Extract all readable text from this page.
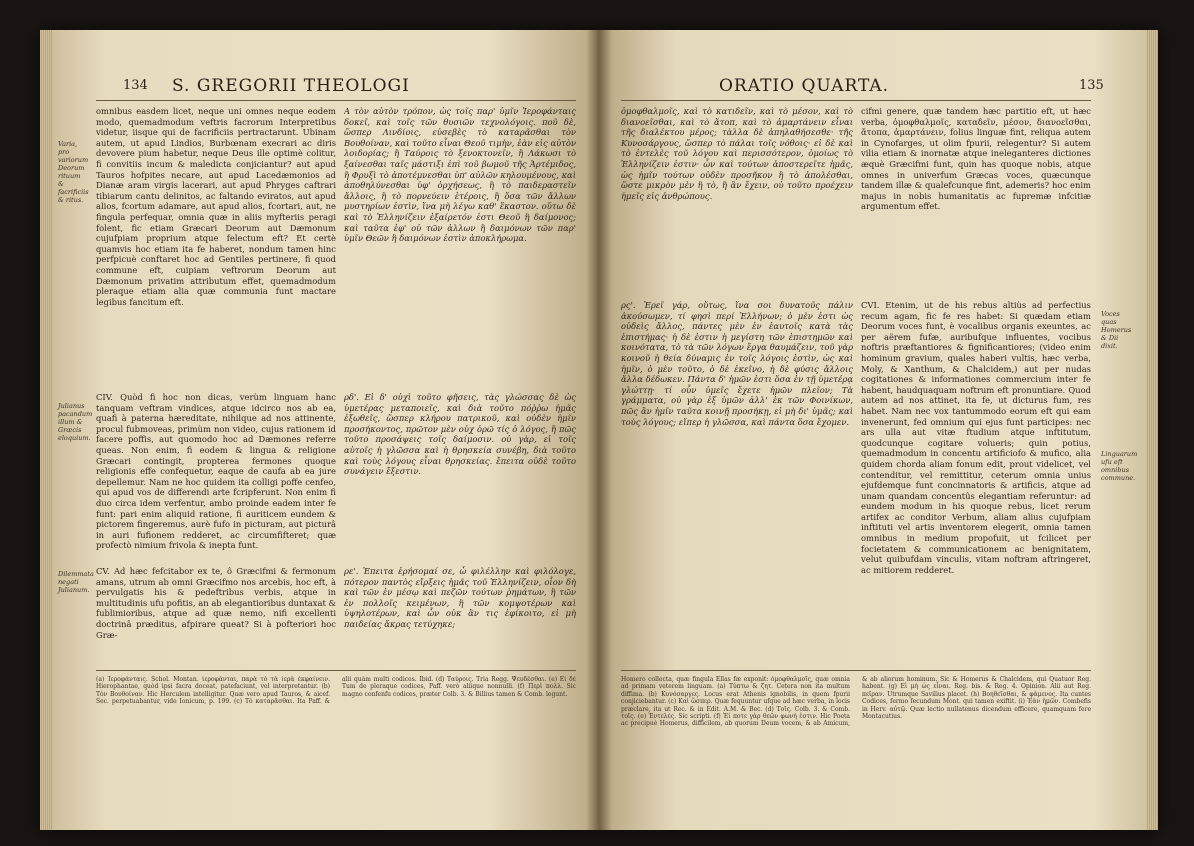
134 S. GREGORII THEOLOGI
Varia, pro variorum Deorum rituum & facrificiis & ritus.
Julianus pacandum illum & Græcis eloquium.
Dilemmata negati Julianum.
omnibus easdem licet, neque uni omnes neque eodem modo, quemadmodum veftris facrorum Interpretibus videtur, iisque qui de facrificiis pertractarunt. Ubinam autem, ut apud Lindios, Burbœnam execrari ac diris devovere pium habetur, neque Deus ille optimè colitur, fi convitiis incum & maledicta conjiciantur? aut apud Tauros hofpites necare, aut apud Lacedæmonios ad Dianæ aram virgis lacerari, aut apud Phryges caftrari tibiarum cantu delinitos, ac faltando eviratos, aut apud alios, fcortum adamare, aut apud alios, fcortari, aut, ne fingula perfequar, omnia quæ in aliis myfteriis peragi folent, fic etiam Græcari Deorum aut Dæmonum cujufpiam proprium atque felectum eft? Et certè quamvis hoc etiam ita fe haberet, nondum tamen hinc perfpicuè conftaret hoc ad Gentiles pertinere, fi quod commune eft, cuipiam veftrorum Deorum aut Dæmonum privatim attributum effet, quemadmodum pleraque etiam alia quæ communia funt mactare legibus fancitum eft.
CIV. Quòd fi hoc non dicas, verùm linguam hanc tanquam veftram vindices, atque idcirco nos ab ea, quafi à paterna hæreditate, nihilque ad nos attinente, procul fubmoveas, primùm non video, cujus rationem id facere poffis, aut quomodo hoc ad Dæmones referre queas. Non enim, fi eodem & lingua & religione Græcari contingit, propterea fermones quoque religionis effe confequetur, eaque de caufa ab ea jure depellemur. Nam ne hoc quidem ita colligi poffe cenfeo, qui apud vos de differendi arte fcripferunt. Non enim fi duo circa idem verfentur, ambo proinde eadem inter fe funt: pari enim aliquid ratione, fi auriticem eundem & pictorem fingeremus, aurè fufo in picturam, aut picturâ in auri fufionem redderet, ac circumfifteret; quæ profectò nimium frivola & inepta funt.
CV. Ad hæc fefcitabor ex te, ô Græcifmi & fermonum amans, utrum ab omni Græcifmo nos arcebis, hoc eft, à pervulgatis his & pedeftribus verbis, atque in multitudinis ufu pofitis, an ab elegantioribus duntaxat & fublimioribus, atque ad quæ nemo, nifi excellenti doctrinâ præditus, afpirare queat? Si à pofteriori hoc Græ-
Α τὸν αὐτὸν τρόπον, ὡς τοῖς παρ' ὑμῖν Ἱεροφάνταις δοκεῖ, καὶ τοῖς τῶν θυσιῶν τεχνολόγοις. ποῦ δὲ, ὥσπερ Λινδίοις, εὐσεβὲς τὸ καταρᾶσθαι τὸν Βουθοίναν, καὶ τοῦτο εἶναι Θεοῦ τιμὴν, ἐὰν εἰς αὐτὸν λοιδορίας; ἢ Ταύροις τὸ ξενοκτονεῖν, ἢ Λάκωσι τὸ ξαίνεσθαι ταῖς μάστιξι ἐπὶ τοῦ βωμοῦ τῆς Ἀρτέμιδος, ἢ Φρυξὶ τὸ ἀποτέμνεσθαι ὑπ' αὐλῶν κηλουμένους, καὶ ἀποθηλύνεσθαι ὑφ' ὀρχήσεως, ἢ τὸ παιδεραστεῖν ἄλλοις, ἢ τὸ πορνεύειν ἑτέροις, ἢ ὅσα τῶν ἄλλων μυστηρίων ἐστὶν, ἵνα μὴ λέγω καθ' ἕκαστον. οὕτω δὲ καὶ τὸ Ἑλληνίζειν ἐξαίρετόν ἐστι Θεοῦ ἢ δαίμονος; καὶ ταῦτα ἐφ' οὐ τῶν ἀλλων ἢ δαιμόνων τῶν παρ' ὑμῖν Θεῶν ἢ δαιμόνων ἐστὶν ἀποκλήρωμα.
ρδ'. Εἰ δ' οὐχὶ τοῦτο φῆσεις, τὰς γλώσσας δὲ ὡς ὑμετέρας μεταποιεῖς, καὶ διὰ τοῦτο πόῤῥω ἡμᾶς ἐξωθεῖς, ὥσπερ κλήρου πατρικοῦ, καὶ οὐδὲν ἡμῖν προσήκοντος, πρῶτον μὲν οὐχ ὁρῶ τίς ὁ λόγος, ἢ πῶς τοῦτο προσάψεις τοῖς δαίμοσιν. οὐ γὰρ, εἰ τοῖς αὐτοῖς ἡ γλῶσσα καὶ ἡ θρησκεία συνέβη, διὰ τοῦτο καὶ τοὺς λόγους εἶναι θρησκείας. ἔπειτα οὐδὲ τοῦτο συνάγειν ἔξεστιν.
ρε'. Ἐπειτα ἐρήσομαί σε, ὦ φιλέλλην καὶ φιλόλογε, πότερον παντὸς εἴρξεις ἡμᾶς τοῦ Ἑλληνίζειν, οἷον δὴ καὶ τῶν ἐν μέσῳ καὶ πεζῶν τούτων ῥημάτων, ἢ τῶν ἐν πολλοῖς κειμένων, ἢ τῶν κομψοτέρων καὶ ὑψηλοτέρων, καὶ ὧν οὐκ ἂν τις ἐφίκοιτο, εἰ μὴ παιδείας ἄκρας τετύχηκε;
(a) Ἱεροφάνταις. Schol. Montan. ἱεροφάνται, παρὰ τὸ τὰ ἱερὰ ἐκφαίνειν. Hierophantae, quòd ipsi facra doceat, patefaciunt, vel interpretantur. (b) Τὸν Βουθοίναν. Hic Herculem intelligitur. Quæ vero apud Tauros, & aicef. Sec. perpetuabantur, vide Ionicum, p. 199. (c) Τὸ καταρᾶσθαι. Ita Paff. & alii quàm multi codices. Ibid. (d) Ταύροις. Tria Regg. Ψευδέσθαι. (e) Εἰ δὲ Tum de pleraque codices, Paff. verò aliique nonnulli. (f) Περὶ πολλ. Sic magno confenfu codices, præter Colb. 3. & Billius tamen & Comb. legunt.
ORATIO QUARTA.	135
ὀμοφθαλμοῖς, καὶ τὸ κατιδεῖν, καὶ τὸ μέσον, καὶ τὸ διανοεῖσθαι, καὶ τὸ ἄτοπ, καὶ τὸ ἁμαρτάνειν εἶναι τῆς διαλέκτου μέρος; τὰλλα δὲ ἀπηλαθήσεσθε· τῆς Κυνοσάργους, ὥσπερ τὸ πάλαι τοῖς νόθοις· εἰ δὲ καὶ τὸ ἐντελὲς τοῦ λόγου καὶ περισσότερον, ὁμοίως τὸ Ἑλληνίζειν ἐστιν· ὧν καὶ τούτων ἀποστερεῖτε ἡμᾶς, ὡς ἡμῖν τούτων οὐδὲν προσῆκον ἢ τὸ ἀπολέσθαι, ὥστε μικρὸν μὲν ἢ τὸ, ἢ ἂν ἔχειν, οὐ τοῦτο προέχειν ἡμεῖς εἰς ἀνθρώπους.
ρς'. Ἐρεῖ γάρ, οὕτως, ἵνα σοι δυνατοῦς πάλιν ἀκούσωμεν, τί φησὶ περί Ἑλλήνων; ὁ μὲν ἐστι ὡς οὐδεὶς ἄλλος, πάντες μὲν ἐν ἑαυτοῖς κατὰ τὰς ἐπιστήμας· ἡ δὲ ἐστιν ἡ μεγίστη τῶν ἐπιστημῶν καὶ κοινότατα, τὸ τὰ τῶν λόγων ἔργα θαυμάζειν, τοῦ γὰρ κοινοῦ ἡ θεία δύναμις ἐν τοῖς λόγοις ἐστὶν, ὡς καὶ ἡμῖν, ὁ μὲν τοῦτο, ὁ δὲ ἐκεῖνο, ἡ δὲ φύσις ἄλλοις ἄλλα δέδωκεν. Πάντα δ' ἡμῶν ἐστι ὅσα ἐν τῇ ὑμετέρᾳ γλώττῃ· τί οὖν ὑμεῖς ἔχετε ἡμῶν πλεῖον; Τὰ γράμματα, οὐ γὰρ ἐξ ὑμῶν ἀλλ' ἐκ τῶν Φοινίκων, πῶς ἂν ἡμῖν ταῦτα κοινῇ προσήκῃ, εἰ μὴ δι' ὑμᾶς; καὶ τοὺς λόγους; εἴπερ ἡ γλῶσσα, καὶ πάντα ὅσα ἔχομεν.
cifmi genere, quæ tandem hæc partitio eft, ut hæc verba, ὀμοφθαλμοῖς, καταδεῖν, μέσον, διανοεῖσθαι, ἄτοπα, ἁμαρτάνειν, folius linguæ fint, reliqua autem in Cynofarges, ut olim fpurii, relegentur? Si autem vilia etiam & inornatæ atque ineleganteres dictiones æquè Græcifmi funt, quin has quoque nobis, atque omnes in univerfum Græcas voces, quæcunque tandem illæ & qualefcunque fint, ademeris? hoc enim majus in nobis humanitatis ac fupremæ infcitiæ argumentum effet.
CVI. Etenim, ut de his rebus altiùs ad perfectius recum agam, fic fe res habet: Si quædam etiam Deorum voces funt, è vocalibus organis exeuntes, ac per aërem fufæ, auribufque influentes, vocibus noftris præftantiores & fignificantiores; (video enim hominum gravium, quales haberi vultis, hæc verba, Moly, & Xanthum, & Chalcidem,) aut per nudas cogitationes & informationes commercium inter fe habent, haudquaquam noftrum eft pronuntiare. Quod autem ad nos attinet, ita fe, ut dicturus fum, res habet. Nam nec vox tantummodo eorum eft qui eam invenerunt, fed omnium qui ejus funt participes: nec ars ulla aut vitæ ftudium atque inftitutum, quodcunque cogitare volueris; quin potius, quemadmodum in concentu artificiofo & mufico, alia quidem chorda aliam fonum edit, prout videlicet, vel contenditur, vel remittitur, ceterum omnia unius ejufdemque funt concinnatoris & artificis, atque ad unam quandam concentûs elegantiam referuntur: ad eundem modum in his quoque rebus, licet rerum artifex ac conditor Verbum, aliam alius cujufpiam inftituti vel artis inventorem elegerit, omnia tamen omnibus in medium propofuit, ut fcilicet per focietatem & communicationem ac benignitatem, velut quibufdam vinculis, vitam noftram aftringeret, ac mitiorem redderet.
Voces quas Homerus & Dii dixit.
Linguarum ufu eft omnibus commune.
Homero collecta, quæ fingula Ellas fæ exponit: ὀμοφθαλμοῖς, quæ omnia ad primam veterem linguam. (a) Τύπτω & ζητ. Cetera non ita multum diffima. (b) Κυνόσαργες. Locus erat Athenis ignobilis, in quem fpurii conjiciebantur. (c) Καὶ ὥσπερ. Quæ fequuntur ufque ad hæc verba, in locis præclare, ita ut Rec. & in Edit. A.M. & Bec. (d) Τοῖς. Colb. 3. & Comb. τοῖς. (e) Ἐντελὲς. Sic scripti. (f) Ἐί ποτε γὰρ θεῶν φωνή ἐστιν. Hic Poeta ac precipuè Homerus, difficilem, ab quorum Deum vocem, & ab Amicum, & ab aliorum hominum. Sic & Homerus & Chalcidem, qui Quatuor Reg. habent. (g) Εἰ μὴ ὡς εἶναι. Reg. bis. & Reg. 4. Opinion. Alii aut Reg. πεῖραν. Utrumque Savilius placet. (h) Βοηθεῖσθαι, & φάμενος. Ita cuntes Codices, fermo fecundum Mont. qui tamen exiftit. (i) Ἐὰν ἡμῶν. Combefis in Herv. αὐτῷ. Quæ lectio nullatenus dicendum efficere, quamquam fere Montacutius.
